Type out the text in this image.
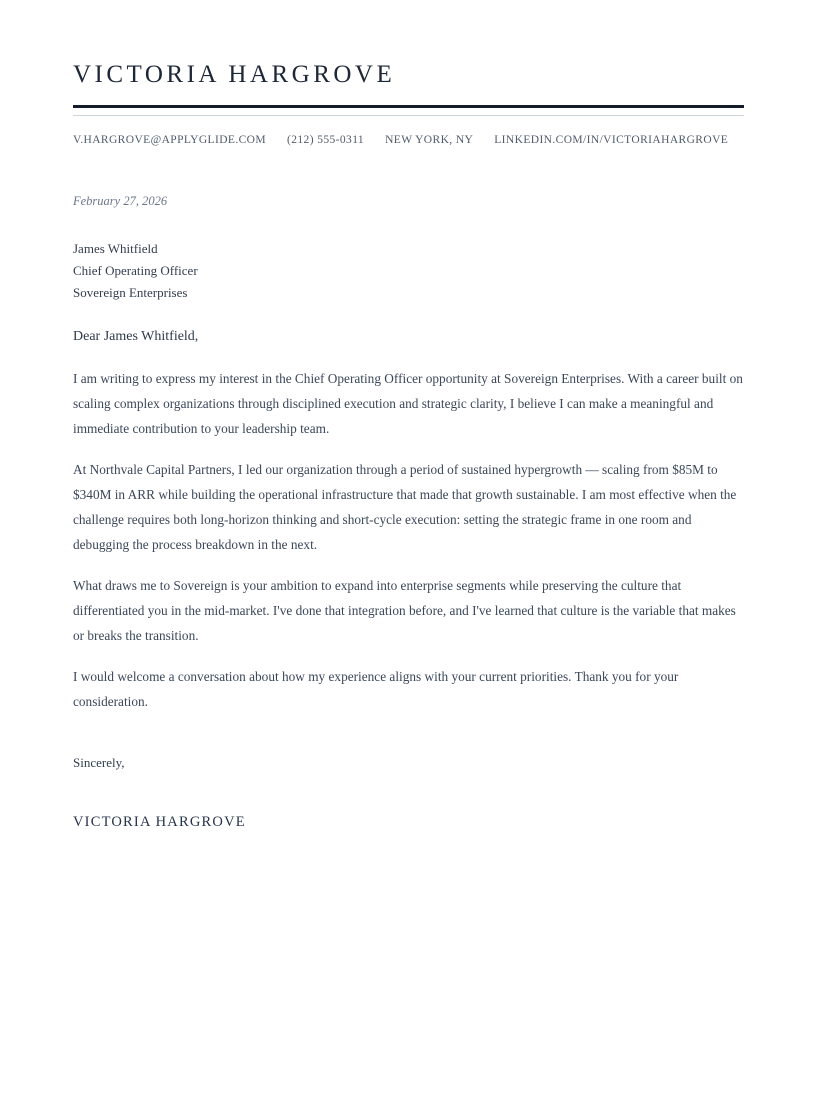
VICTORIA HARGROVE
V.HARGROVE@APPLYGLIDE.COM (212) 555-0311 NEW YORK, NY LINKEDIN.COM/IN/VICTORIAHARGROVE

February 27, 2026

James Whitfield
Chief Operating Officer
Sovereign Enterprises

Dear James Whitfield,

I am writing to express my interest in the Chief Operating Officer opportunity at Sovereign Enterprises. With a career built on scaling complex organizations through disciplined execution and strategic clarity, I believe I can make a meaningful and immediate contribution to your leadership team.

At Northvale Capital Partners, I led our organization through a period of sustained hypergrowth — scaling from $85M to $340M in ARR while building the operational infrastructure that made that growth sustainable. I am most effective when the challenge requires both long-horizon thinking and short-cycle execution: setting the strategic frame in one room and debugging the process breakdown in the next.

What draws me to Sovereign is your ambition to expand into enterprise segments while preserving the culture that differentiated you in the mid-market. I've done that integration before, and I've learned that culture is the variable that makes or breaks the transition.

I would welcome a conversation about how my experience aligns with your current priorities. Thank you for your consideration.

Sincerely,

VICTORIA HARGROVE
